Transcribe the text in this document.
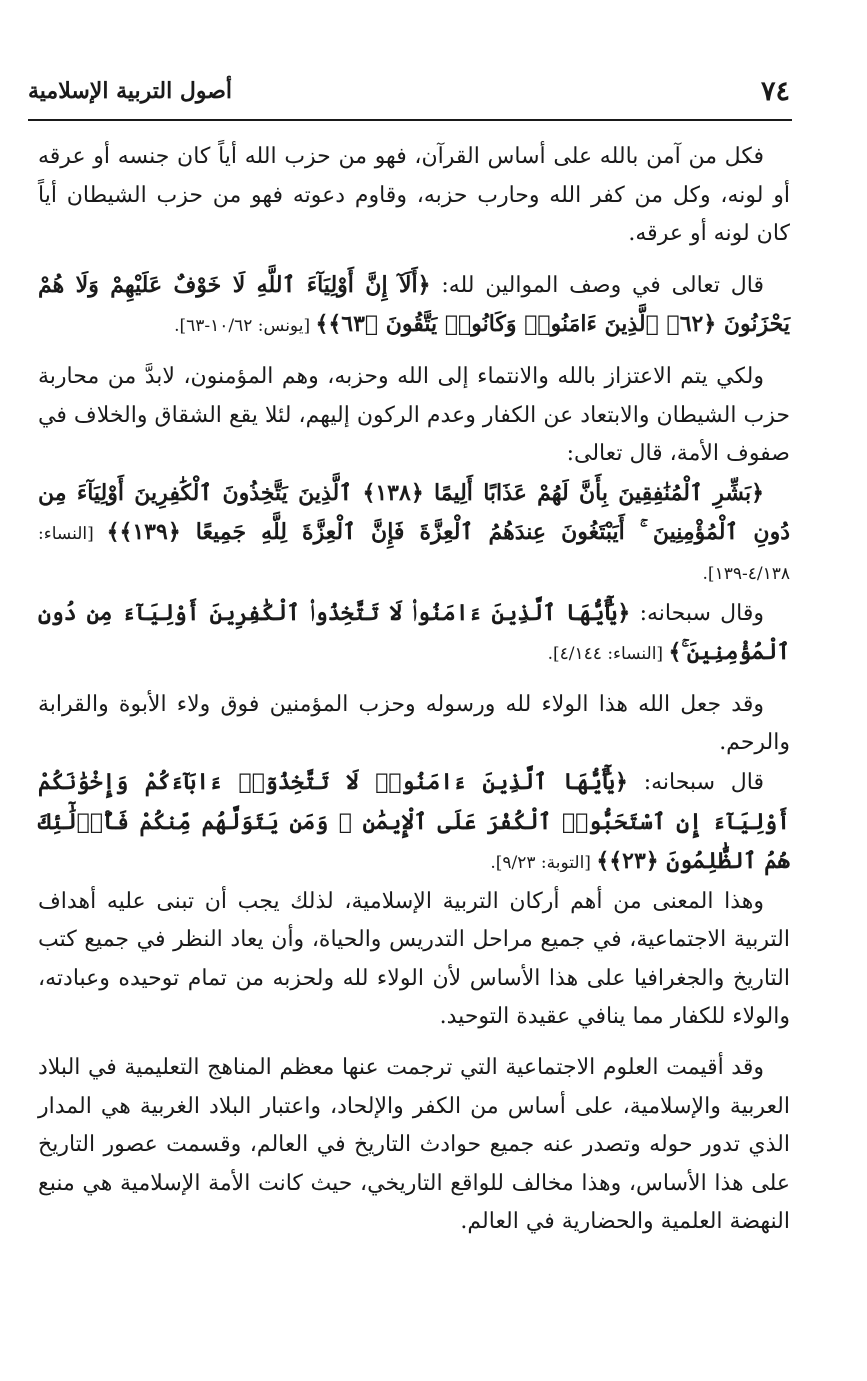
٧٤
أصول التربية الإسلامية

فكل من آمن بالله على أساس القرآن، فهو من حزب الله أياً كان جنسه أو عرقه أو لونه، وكل من كفر الله وحارب حزبه، وقاوم دعوته فهو من حزب الشيطان أياً كان لونه أو عرقه.

قال تعالى في وصف الموالين لله: ﴿أَلَآ إِنَّ أَوْلِيَآءَ ٱللَّهِ لَا خَوْفٌ عَلَيْهِمْ وَلَا هُمْ يَحْزَنُونَ ﴿٦٢﴾ ٱلَّذِينَ ءَامَنُوا۟ وَكَانُوا۟ يَتَّقُونَ ﴿٦٣﴾﴾ [يونس: ١٠/٦٢-٦٣].

ولكي يتم الاعتزاز بالله والانتماء إلى الله وحزبه، وهم المؤمنون، لابدَّ من محاربة حزب الشيطان والابتعاد عن الكفار وعدم الركون إليهم، لئلا يقع الشقاق والخلاف في صفوف الأمة، قال تعالى:

﴿بَشِّرِ ٱلْمُنَٰفِقِينَ بِأَنَّ لَهُمْ عَذَابًا أَلِيمًا ﴿١٣٨﴾ ٱلَّذِينَ يَتَّخِذُونَ ٱلْكَٰفِرِينَ أَوْلِيَآءَ مِن دُونِ ٱلْمُؤْمِنِينَ ۚ أَيَبْتَغُونَ عِندَهُمُ ٱلْعِزَّةَ فَإِنَّ ٱلْعِزَّةَ لِلَّهِ جَمِيعًا ﴿١٣٩﴾﴾ [النساء: ٤/١٣٨-١٣٩].

وقال سبحانه: ﴿يَٰٓأَيُّهَا ٱلَّذِينَ ءَامَنُوا۟ لَا تَتَّخِذُوا۟ ٱلْكَٰفِرِينَ أَوْلِيَآءَ مِن دُونِ ٱلْمُؤْمِنِينَ ۚ﴾ [النساء: ٤/١٤٤].

وقد جعل الله هذا الولاء لله ورسوله وحزب المؤمنين فوق ولاء الأبوة والقرابة والرحم.

قال سبحانه: ﴿يَٰٓأَيُّهَا ٱلَّذِينَ ءَامَنُوا۟ لَا تَتَّخِذُوٓا۟ ءَابَآءَكُمْ وَإِخْوَٰنَكُمْ أَوْلِيَآءَ إِنِ ٱسْتَحَبُّوا۟ ٱلْكُفْرَ عَلَى ٱلْإِيمَٰنِ ۚ وَمَن يَتَوَلَّهُم مِّنكُمْ فَأُو۟لَٰٓئِكَ هُمُ ٱلظَّٰلِمُونَ ﴿٢٣﴾﴾ [التوبة: ٩/٢٣].

وهذا المعنى من أهم أركان التربية الإسلامية، لذلك يجب أن تبنى عليه أهداف التربية الاجتماعية، في جميع مراحل التدريس والحياة، وأن يعاد النظر في جميع كتب التاريخ والجغرافيا على هذا الأساس لأن الولاء لله ولحزبه من تمام توحيده وعبادته، والولاء للكفار مما ينافي عقيدة التوحيد.

وقد أقيمت العلوم الاجتماعية التي ترجمت عنها معظم المناهج التعليمية في البلاد العربية والإسلامية، على أساس من الكفر والإلحاد، واعتبار البلاد الغربية هي المدار الذي تدور حوله وتصدر عنه جميع حوادث التاريخ في العالم، وقسمت عصور التاريخ على هذا الأساس، وهذا مخالف للواقع التاريخي، حيث كانت الأمة الإسلامية هي منبع النهضة العلمية والحضارية في العالم.
